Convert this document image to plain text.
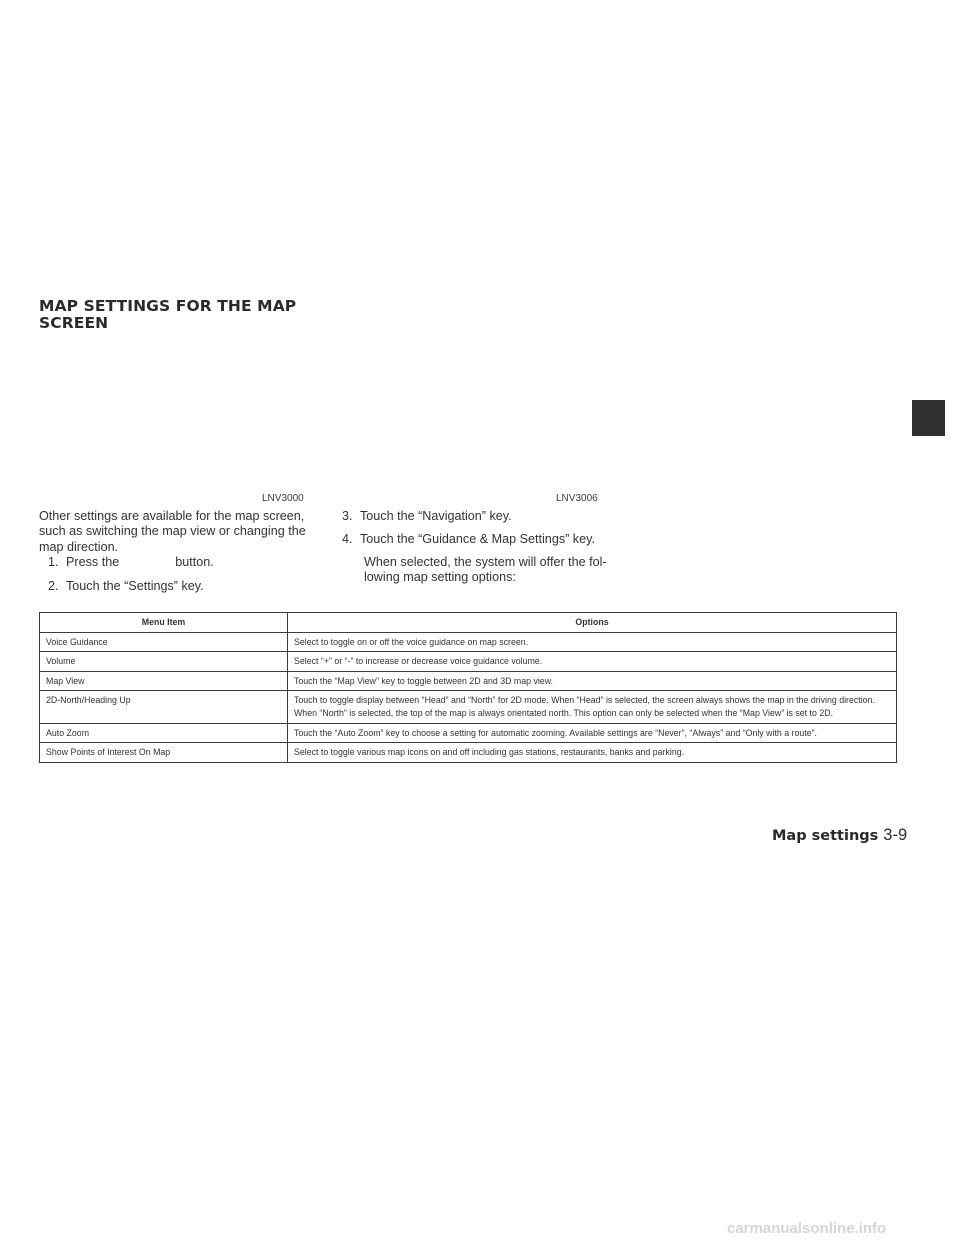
MAP SETTINGS FOR THE MAP
SCREEN
LNV3000	LNV3006

Other settings are available for the map screen, such as switching the map view or changing the map direction.

1. Press the	button.

2. Touch the “Settings” key.

3. Touch the “Navigation” key.

4. Touch the “Guidance & Map Settings” key.

When selected, the system will offer the fol- lowing map setting options:

Menu Item	Options
Voice Guidance	Select to toggle on or off the voice guidance on map screen.
Volume	Select “+” or “-” to increase or decrease voice guidance volume.
Map View	Touch the “Map View” key to toggle between 2D and 3D map view.
2D-North/Heading Up	Touch to toggle display between “Head” and “North” for 2D mode. When “Head” is selected, the screen always shows the map in the driving direction. When “North” is selected, the top of the map is always orientated north. This option can only be selected when the “Map View” is set to 2D.
Auto Zoom	Touch the “Auto Zoom” key to choose a setting for automatic zooming. Available settings are “Never”, “Always” and “Only with a route”.
Show Points of Interest On Map	Select to toggle various map icons on and off including gas stations, restaurants, banks and parking.
Map settings 3-9
carmanualsonline.info
